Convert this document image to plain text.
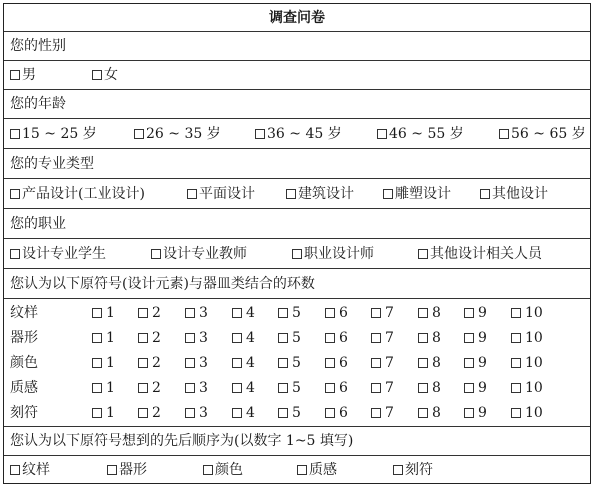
调查问卷
您的性别
男	女
您的年龄
15 ~ 25 岁	26 ~ 35 岁	36 ~ 45 岁	46 ~ 55 岁	56 ~ 65 岁
您的专业类型
产品设计(工业设计)	平面设计	建筑设计	雕塑设计	其他设计
您的职业
设计专业学生	设计专业教师	职业设计师	其他设计相关人员
您认为以下原符号(设计元素)与器皿类结合的环数
纹样	1	2	3	4	5	6	7	8	9	10
器形	1	2	3	4	5	6	7	8	9	10
颜色	1	2	3	4	5	6	7	8	9	10
质感	1	2	3	4	5	6	7	8	9	10
刻符	1	2	3	4	5	6	7	8	9	10
您认为以下原符号想到的先后顺序为(以数字 1~5 填写)
纹样	器形	颜色	质感	刻符
